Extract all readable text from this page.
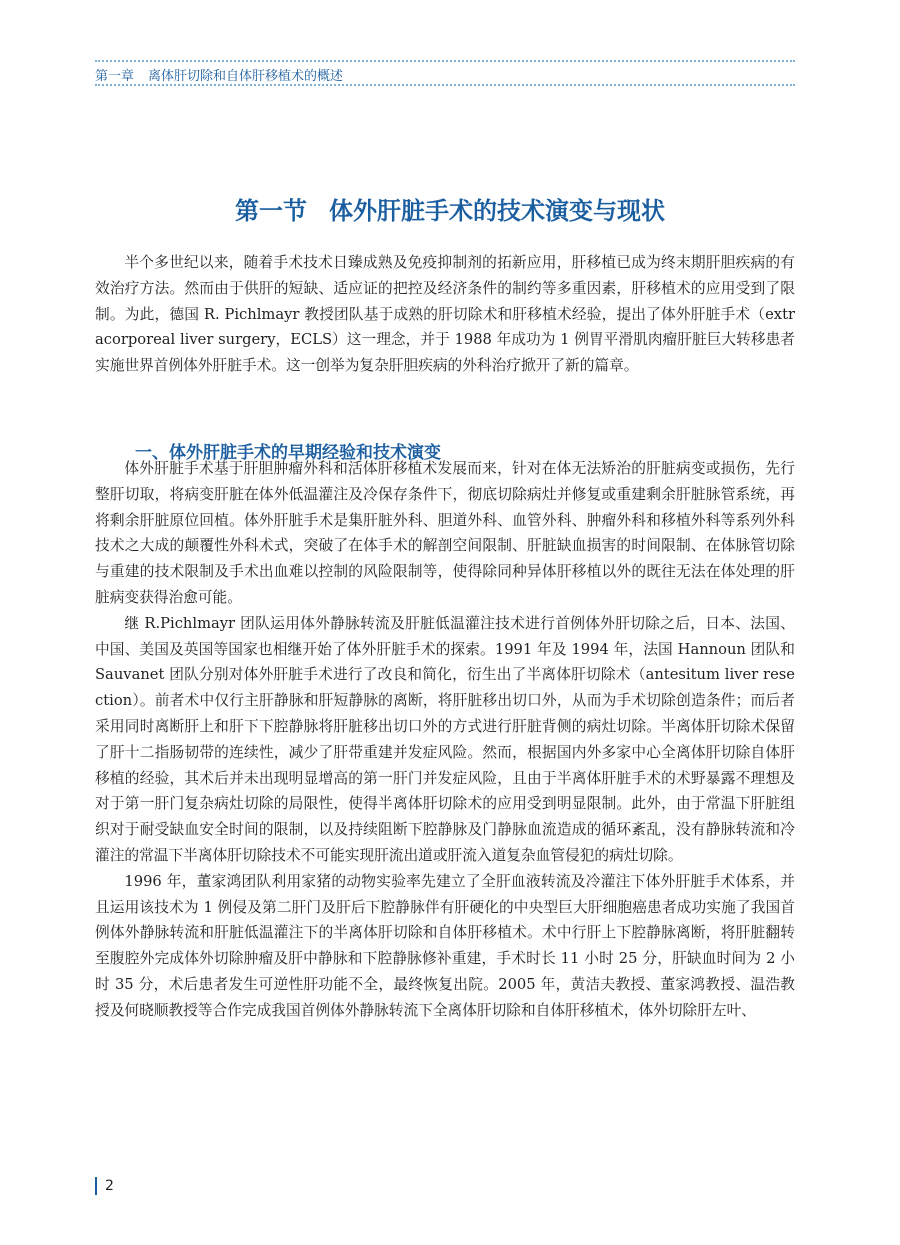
第一章 离体肝切除和自体肝移植术的概述
第一节 体外肝脏手术的技术演变与现状

半个多世纪以来，随着手术技术日臻成熟及免疫抑制剂的拓新应用，肝移植已成为终末期肝胆疾病的有效治疗方法。然而由于供肝的短缺、适应证的把控及经济条件的制约等多重因素，肝移植术的应用受到了限制。为此，德国 R. Pichlmayr 教授团队基于成熟的肝切除术和肝移植术经验，提出了体外肝脏手术（extracorporeal liver surgery，ECLS）这一理念，并于 1988 年成功为 1 例胃平滑肌肉瘤肝脏巨大转移患者实施世界首例体外肝脏手术。这一创举为复杂肝胆疾病的外科治疗掀开了新的篇章。

一、体外肝脏手术的早期经验和技术演变

体外肝脏手术基于肝胆肿瘤外科和活体肝移植术发展而来，针对在体无法矫治的肝脏病变或损伤，先行整肝切取，将病变肝脏在体外低温灌注及冷保存条件下，彻底切除病灶并修复或重建剩余肝脏脉管系统，再将剩余肝脏原位回植。体外肝脏手术是集肝脏外科、胆道外科、血管外科、肿瘤外科和移植外科等系列外科技术之大成的颠覆性外科术式，突破了在体手术的解剖空间限制、肝脏缺血损害的时间限制、在体脉管切除与重建的技术限制及手术出血难以控制的风险限制等，使得除同种异体肝移植以外的既往无法在体处理的肝脏病变获得治愈可能。

继 R.Pichlmayr 团队运用体外静脉转流及肝脏低温灌注技术进行首例体外肝切除之后，日本、法国、中国、美国及英国等国家也相继开始了体外肝脏手术的探索。1991 年及 1994 年，法国 Hannoun 团队和 Sauvanet 团队分别对体外肝脏手术进行了改良和简化，衍生出了半离体肝切除术（antesitum liver resection）。前者术中仅行主肝静脉和肝短静脉的离断，将肝脏移出切口外，从而为手术切除创造条件；而后者采用同时离断肝上和肝下下腔静脉将肝脏移出切口外的方式进行肝脏背侧的病灶切除。半离体肝切除术保留了肝十二指肠韧带的连续性，减少了肝带重建并发症风险。然而，根据国内外多家中心全离体肝切除自体肝移植的经验，其术后并未出现明显增高的第一肝门并发症风险，且由于半离体肝脏手术的术野暴露不理想及对于第一肝门复杂病灶切除的局限性，使得半离体肝切除术的应用受到明显限制。此外，由于常温下肝脏组织对于耐受缺血安全时间的限制，以及持续阻断下腔静脉及门静脉血流造成的循环紊乱，没有静脉转流和冷灌注的常温下半离体肝切除技术不可能实现肝流出道或肝流入道复杂血管侵犯的病灶切除。

1996 年，董家鸿团队利用家猪的动物实验率先建立了全肝血液转流及冷灌注下体外肝脏手术体系，并且运用该技术为 1 例侵及第二肝门及肝后下腔静脉伴有肝硬化的中央型巨大肝细胞癌患者成功实施了我国首例体外静脉转流和肝脏低温灌注下的半离体肝切除和自体肝移植术。术中行肝上下腔静脉离断，将肝脏翻转至腹腔外完成体外切除肿瘤及肝中静脉和下腔静脉修补重建，手术时长 11 小时 25 分，肝缺血时间为 2 小时 35 分，术后患者发生可逆性肝功能不全，最终恢复出院。2005 年，黄洁夫教授、董家鸿教授、温浩教授及何晓顺教授等合作完成我国首例体外静脉转流下全离体肝切除和自体肝移植术，体外切除肝左叶、

2
